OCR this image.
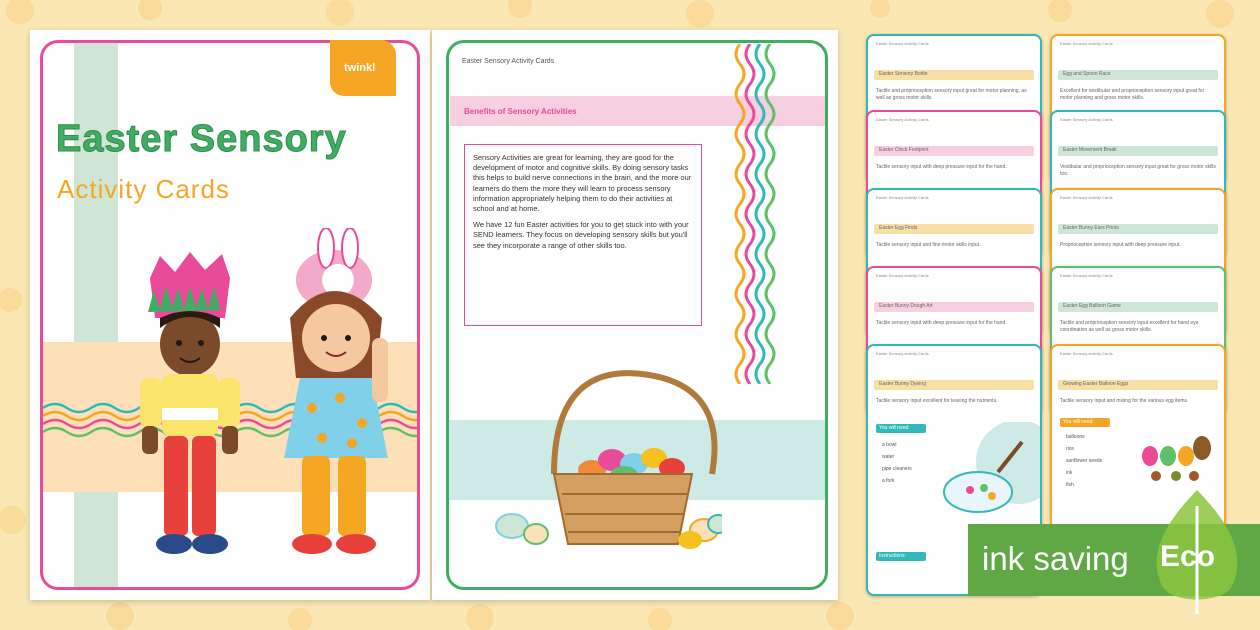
twinkl
Easter Sensory
Activity Cards
Easter Sensory Activity Cards
Benefits of Sensory Activities
Sensory Activities are great for learning, they are good for the development of motor and cognitive skills. By doing sensory tasks this helps to build nerve connections in the brain, and the more our learners do them the more they will learn to process sensory information appropriately helping them to do their activities at school and at home.
We have 12 fun Easter activities for you to get stuck into with your SEND learners. They focus on developing sensory skills but you'll see they incorporate a range of other skills too.
Easter Sensory Activity Cards
Easter Sensory Bottle
Tactile and proprioception sensory input great for motor planning, as well as gross motor skills.
Easter Sensory Activity Cards
Egg and Spoon Race
Excellent for vestibular and proprioception sensory input great for motor planning and gross motor skills.
Easter Sensory Activity Cards
Easter Chick Footprint
Tactile sensory input with deep pressure input for the hand.
Easter Sensory Activity Cards
Easter Movement Break
Vestibular and proprioception sensory input great for gross motor skills too.
Easter Sensory Activity Cards
Easter Egg Finds
Tactile sensory input and fine motor skills input.
Easter Sensory Activity Cards
Easter Bunny Ears Prints
Proprioception sensory input with deep pressure input.
Easter Sensory Activity Cards
Easter Bunny Dough Art
Tactile sensory input with deep pressure input for the hand.
Easter Sensory Activity Cards
Easter Egg Balloon Game
Tactile and proprioception sensory input excellent for hand eye coordination as well as gross motor skills.
Easter Sensory Activity Cards
Easter Bunny Dyeing
Tactile sensory input excellent for teasing the nutrients.
You will need:
a bowl
water
pipe cleaners
a fork
Instructions:
Easter Sensory Activity Cards
Growing Easter Balloon Eggs
Tactile sensory input and mixing for the various egg items.
You will need:
balloons
rice
sunflower seeds
ink
fish
ink saving Eco
